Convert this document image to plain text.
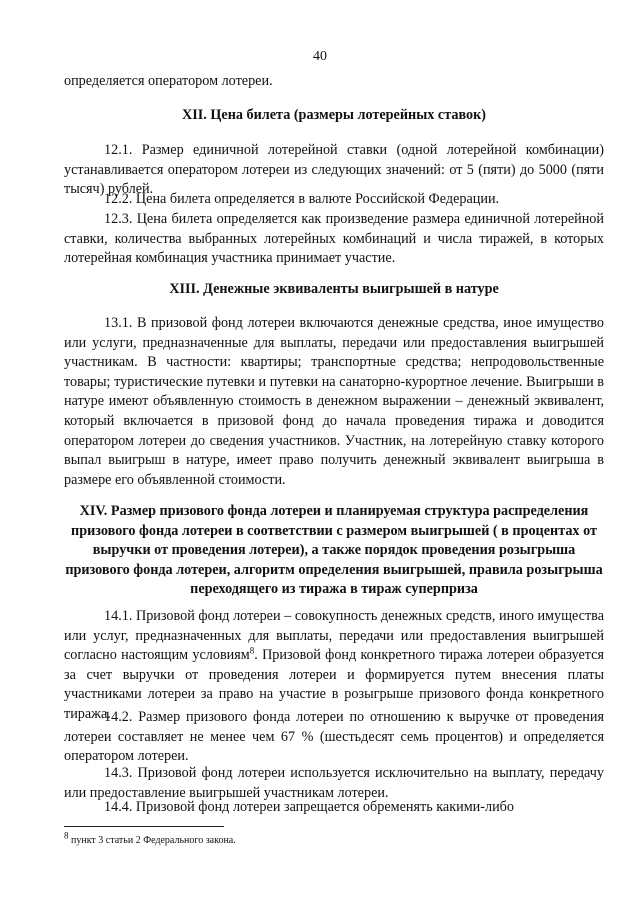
40

определяется оператором лотереи.

XII. Цена билета (размеры лотерейных ставок)

12.1. Размер единичной лотерейной ставки (одной лотерейной комбинации) устанавливается оператором лотереи из следующих значений: от 5 (пяти) до 5000 (пяти тысяч) рублей.

12.2. Цена билета определяется в валюте Российской Федерации.

12.3. Цена билета определяется как произведение размера единичной лотерейной ставки, количества выбранных лотерейных комбинаций и числа тиражей, в которых лотерейная комбинация участника принимает участие.

XIII. Денежные эквиваленты выигрышей в натуре

13.1. В призовой фонд лотереи включаются денежные средства, иное имущество или услуги, предназначенные для выплаты, передачи или предоставления выигрышей участникам. В частности: квартиры; транспортные средства; непродовольственные товары; туристические путевки и путевки на санаторно-курортное лечение. Выигрыши в натуре имеют объявленную стоимость в денежном выражении – денежный эквивалент, который включается в призовой фонд до начала проведения тиража и доводится оператором лотереи до сведения участников. Участник, на лотерейную ставку которого выпал выигрыш в натуре, имеет право получить денежный эквивалент выигрыша в размере его объявленной стоимости.

XIV. Размер призового фонда лотереи и планируемая структура распределения призового фонда лотереи в соответствии с размером выигрышей ( в процентах от выручки от проведения лотереи), а также порядок проведения розыгрыша призового фонда лотереи, алгоритм определения выигрышей, правила розыгрыша переходящего из тиража в тираж суперприза

14.1. Призовой фонд лотереи – совокупность денежных средств, иного имущества или услуг, предназначенных для выплаты, передачи или предоставления выигрышей согласно настоящим условиям$^8$. Призовой фонд конкретного тиража лотереи образуется за счет выручки от проведения лотереи и формируется путем внесения платы участниками лотереи за право на участие в розыгрыше призового фонда конкретного тиража.

14.2. Размер призового фонда лотереи по отношению к выручке от проведения лотереи составляет не менее чем 67 % (шестьдесят семь процентов) и определяется оператором лотереи.

14.3. Призовой фонд лотереи используется исключительно на выплату, передачу или предоставление выигрышей участникам лотереи.

14.4. Призовой фонд лотереи запрещается обременять какими-либо

$^8$ пункт 3 статьи 2 Федерального закона.
